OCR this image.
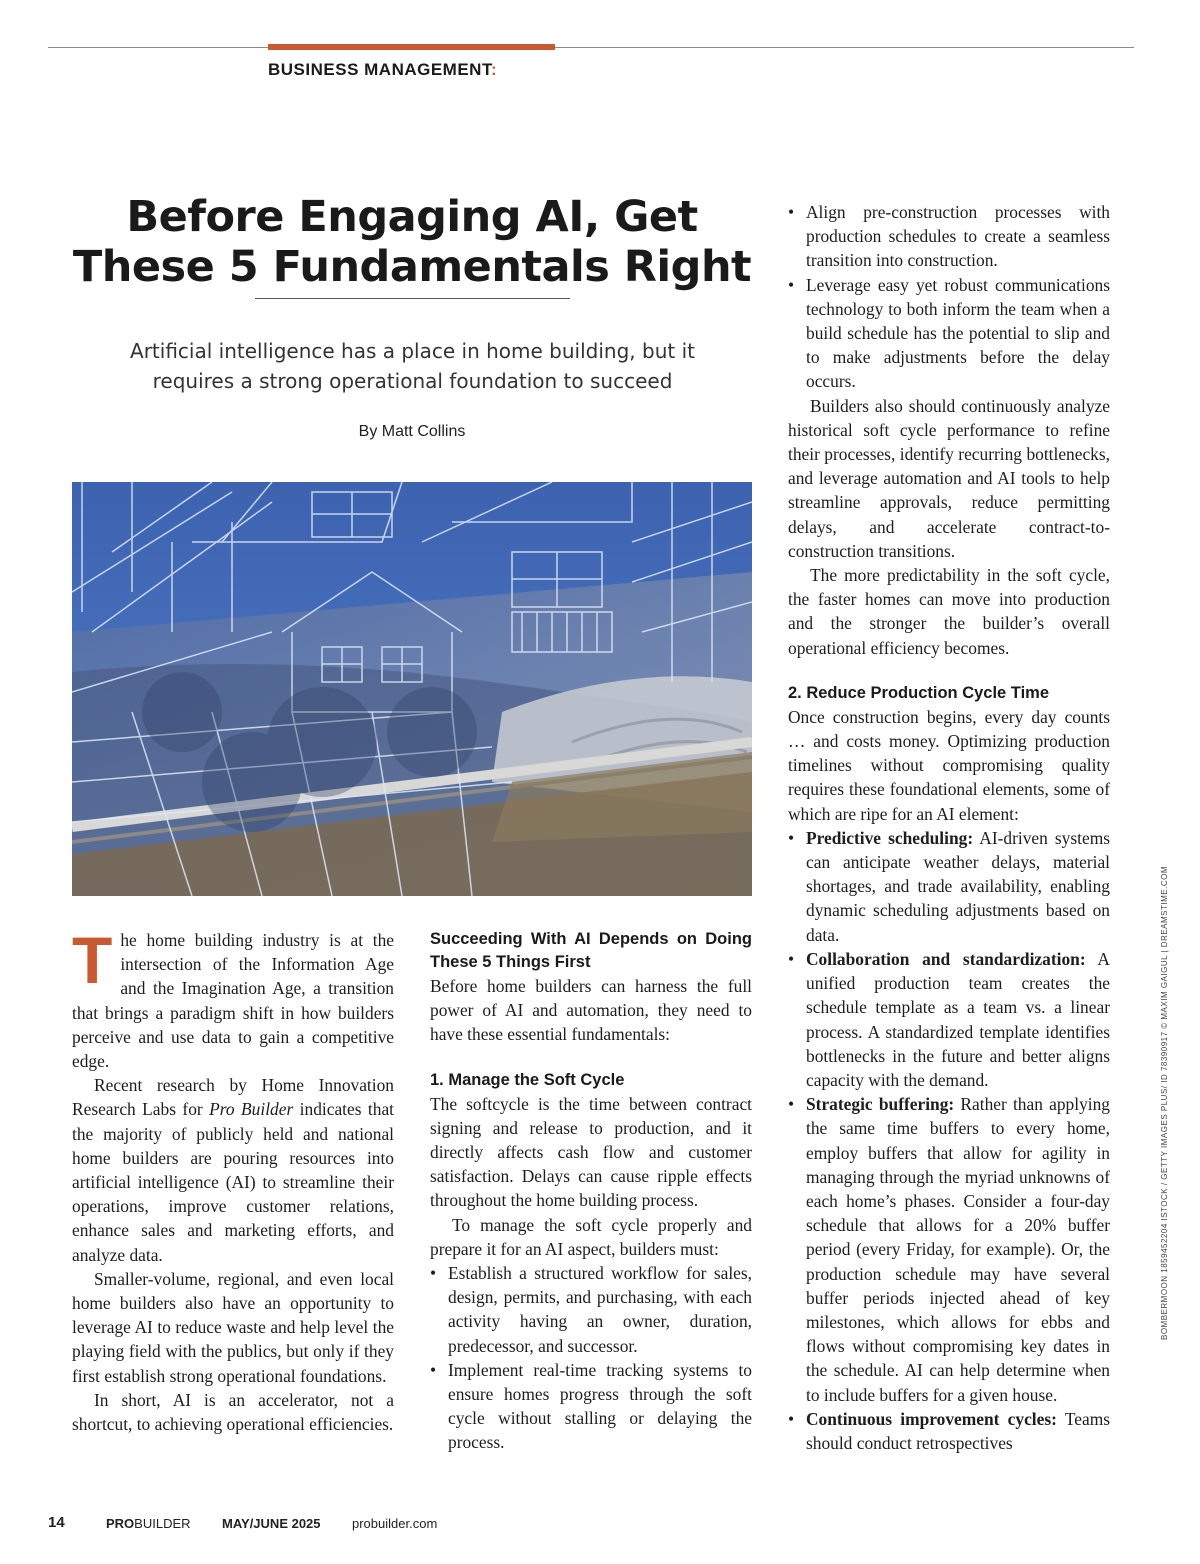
BUSINESS MANAGEMENT:
Before Engaging AI, Get
These 5 Fundamentals Right
Artificial intelligence has a place in home building, but it requires a strong operational foundation to succeed
By Matt Collins

The home building industry is at the intersection of the Information Age and the Imagination Age, a transition that brings a paradigm shift in how builders perceive and use data to gain a competitive edge.

Recent research by Home Innovation Research Labs for Pro Builder indicates that the majority of publicly held and national home builders are pouring resources into artificial intelligence (AI) to streamline their operations, improve customer relations, enhance sales and marketing efforts, and analyze data.

Smaller-volume, regional, and even local home builders also have an opportunity to leverage AI to reduce waste and help level the playing field with the publics, but only if they first establish strong operational foundations.

In short, AI is an accelerator, not a shortcut, to achieving operational efficiencies.

Succeeding With AI Depends on Doing These 5 Things First

Before home builders can harness the full power of AI and automation, they need to have these essential fundamentals:

1. Manage the Soft Cycle

The softcycle is the time between contract signing and release to production, and it directly affects cash flow and customer satisfaction. Delays can cause ripple effects throughout the home building process.

To manage the soft cycle properly and prepare it for an AI aspect, builders must:

• Establish a structured workflow for sales, design, permits, and purchasing, with each activity having an owner, duration, predecessor, and successor.
• Implement real-time tracking systems to ensure homes progress through the soft cycle without stalling or delaying the process.
• Align pre-construction processes with production schedules to create a seamless transition into construction.
• Leverage easy yet robust communications technology to both inform the team when a build schedule has the potential to slip and to make adjustments before the delay occurs.

Builders also should continuously analyze historical soft cycle performance to refine their processes, identify recurring bottlenecks, and leverage automation and AI tools to help streamline approvals, reduce permitting delays, and accelerate contract-to-construction transitions.

The more predictability in the soft cycle, the faster homes can move into production and the stronger the builder’s overall operational efficiency becomes.

2. Reduce Production Cycle Time

Once construction begins, every day counts … and costs money. Optimizing production timelines without compromising quality requires these foundational elements, some of which are ripe for an AI element:

• Predictive scheduling: AI-driven systems can anticipate weather delays, material shortages, and trade availability, enabling dynamic scheduling adjustments based on data.
• Collaboration and standardization: A unified production team creates the schedule template as a team vs. a linear process. A standardized template identifies bottlenecks in the future and better aligns capacity with the demand.
• Strategic buffering: Rather than applying the same time buffers to every home, employ buffers that allow for agility in managing through the myriad unknowns of each home’s phases. Consider a four-day schedule that allows for a 20% buffer period (every Friday, for example). Or, the production schedule may have several buffer periods injected ahead of key milestones, which allows for ebbs and flows without compromising key dates in the schedule. AI can help determine when to include buffers for a given house.
• Continuous improvement cycles: Teams should conduct retrospectives
BOMBERMOON 1859452204 ISTOCK / GETTY IMAGES PLUS/ ID 78390917 © MAXIM GAIGUL | DREAMSTIME.COM
14	PROBUILDER MAY/JUNE 2025 probuilder.com
